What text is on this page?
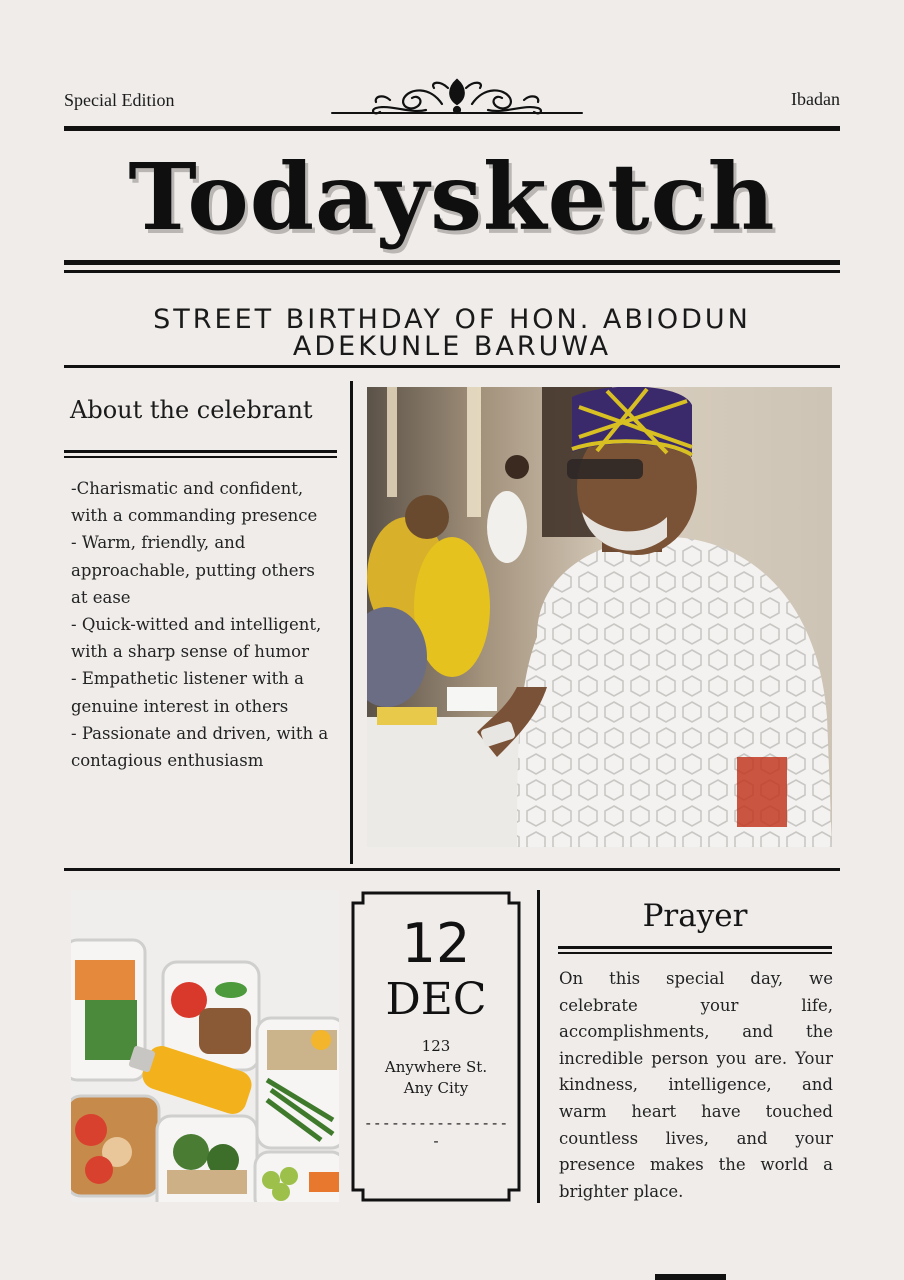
Special Edition	Ibadan
Todaysketch
STREET BIRTHDAY OF HON. ABIODUN
ADEKUNLE BARUWA
About the celebrant

-Charismatic and confident, with a commanding presence

- Warm, friendly, and approachable, putting others at ease

- Quick-witted and intelligent, with a sharp sense of humor

- Empathetic listener with a genuine interest in others

- Passionate and driven, with a contagious enthusiasm

12
DEC
123
Anywhere St.
Any City
-----------------
Prayer
On this special day, we celebrate your life, accomplishments, and the incredible person you are. Your kindness, intelligence, and warm heart have touched countless lives, and your presence makes the world a brighter place.
